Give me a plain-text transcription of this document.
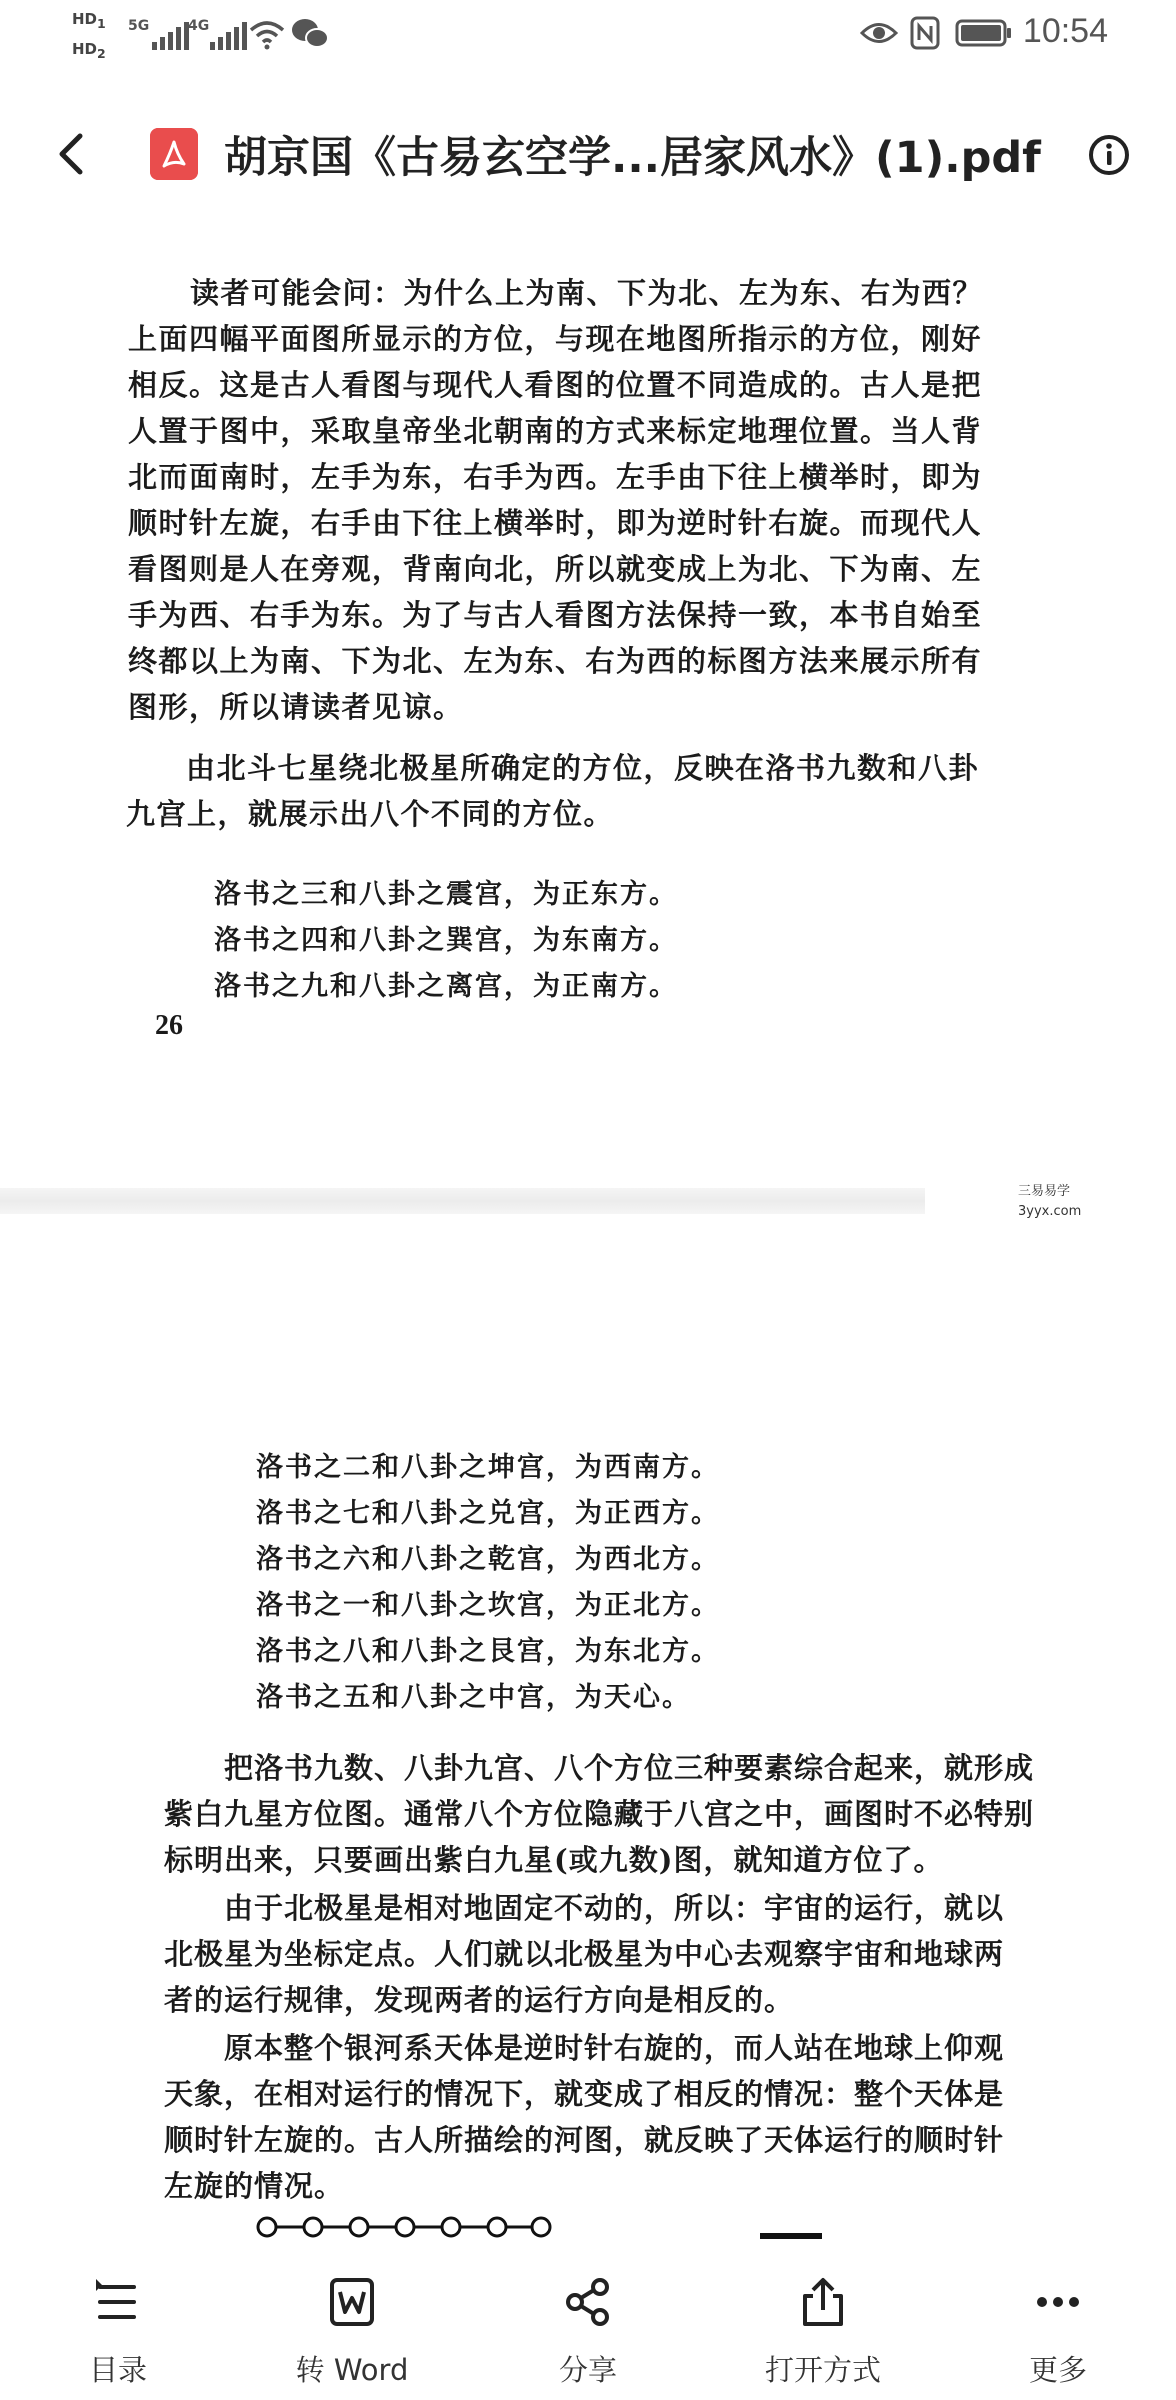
$HD_1$
$HD_2$
5G	4G	10:54
胡京国《古易玄空学...居家风水》(1).pdf
读者可能会问：为什么上为南、下为北、左为东、右为西？
上面四幅平面图所显示的方位，与现在地图所指示的方位，刚好
相反。这是古人看图与现代人看图的位置不同造成的。古人是把
人置于图中，采取皇帝坐北朝南的方式来标定地理位置。当人背
北而面南时，左手为东，右手为西。左手由下往上横举时，即为
顺时针左旋，右手由下往上横举时，即为逆时针右旋。而现代人
看图则是人在旁观，背南向北，所以就变成上为北、下为南、左
手为西、右手为东。为了与古人看图方法保持一致，本书自始至
终都以上为南、下为北、左为东、右为西的标图方法来展示所有
图形，所以请读者见谅。
由北斗七星绕北极星所确定的方位，反映在洛书九数和八卦
九宫上，就展示出八个不同的方位。
洛书之三和八卦之震宫，为正东方。
洛书之四和八卦之巽宫，为东南方。
洛书之九和八卦之离宫，为正南方。
26
三易易学
3yyx.com
洛书之二和八卦之坤宫，为西南方。
洛书之七和八卦之兑宫，为正西方。
洛书之六和八卦之乾宫，为西北方。
洛书之一和八卦之坎宫，为正北方。
洛书之八和八卦之艮宫，为东北方。
洛书之五和八卦之中宫，为天心。
把洛书九数、八卦九宫、八个方位三种要素综合起来，就形成
紫白九星方位图。通常八个方位隐藏于八宫之中，画图时不必特别
标明出来，只要画出紫白九星(或九数)图，就知道方位了。
由于北极星是相对地固定不动的，所以：宇宙的运行，就以
北极星为坐标定点。人们就以北极星为中心去观察宇宙和地球两
者的运行规律，发现两者的运行方向是相反的。
原本整个银河系天体是逆时针右旋的，而人站在地球上仰观
天象，在相对运行的情况下，就变成了相反的情况：整个天体是
顺时针左旋的。古人所描绘的河图，就反映了天体运行的顺时针
左旋的情况。
目录	转 Word	分享	打开方式	更多
